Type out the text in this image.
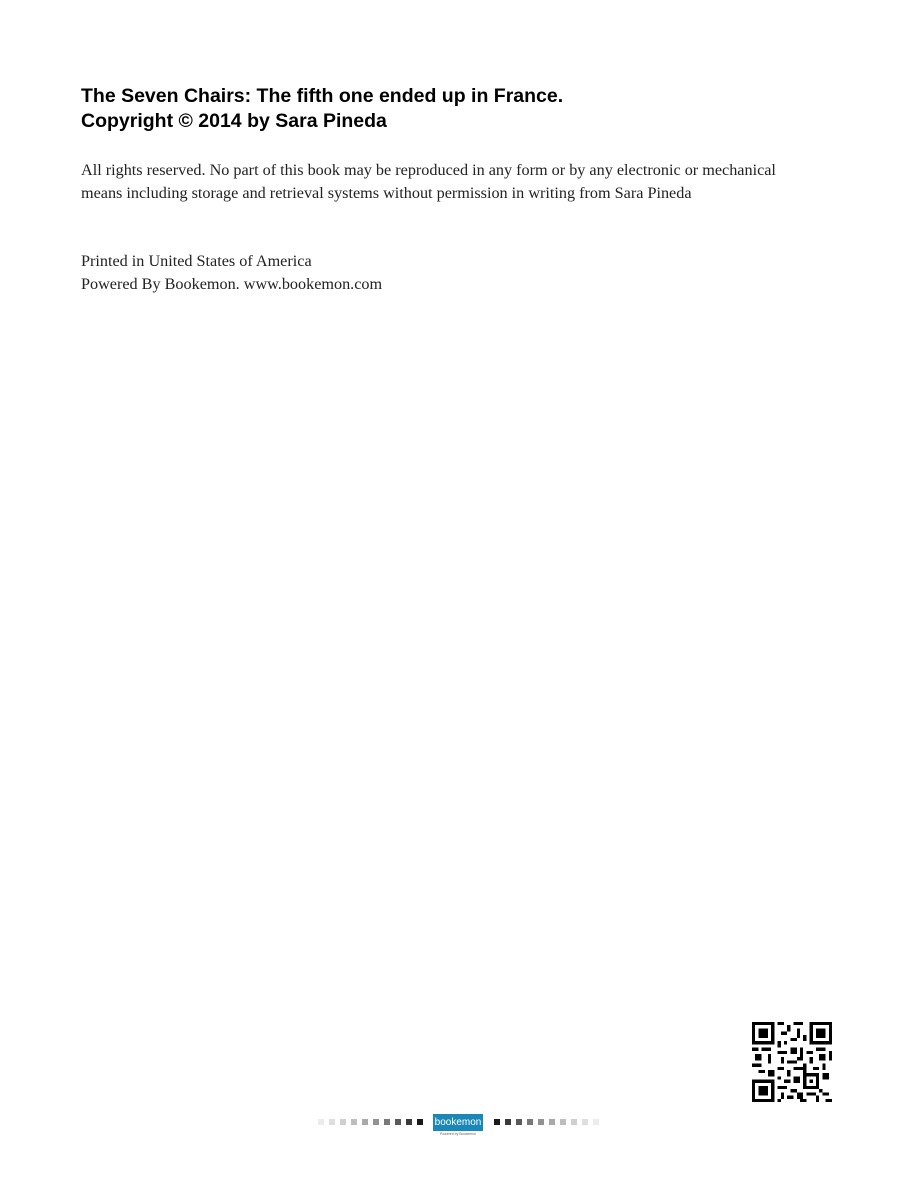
The Seven Chairs: The fifth one ended up in France.
Copyright © 2014 by Sara Pineda
All rights reserved. No part of this book may be reproduced in any form or by any electronic or mechanical means including storage and retrieval systems without permission in writing from Sara Pineda
Printed in United States of America
Powered By Bookemon. www.bookemon.com
bookemon
Powered by Bookemon
